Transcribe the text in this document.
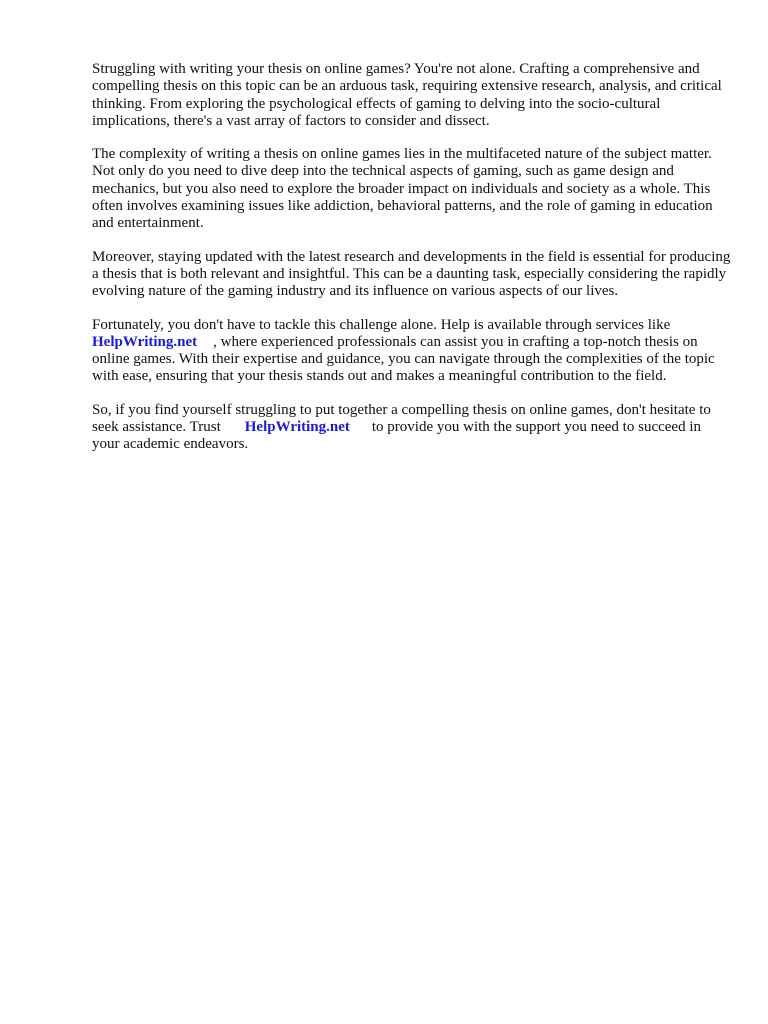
Struggling with writing your thesis on online games? You're not alone. Crafting a comprehensive and compelling thesis on this topic can be an arduous task, requiring extensive research, analysis, and critical thinking. From exploring the psychological effects of gaming to delving into the socio-cultural implications, there's a vast array of factors to consider and dissect.

The complexity of writing a thesis on online games lies in the multifaceted nature of the subject matter. Not only do you need to dive deep into the technical aspects of gaming, such as game design and mechanics, but you also need to explore the broader impact on individuals and society as a whole. This often involves examining issues like addiction, behavioral patterns, and the role of gaming in education and entertainment.

Moreover, staying updated with the latest research and developments in the field is essential for producing a thesis that is both relevant and insightful. This can be a daunting task, especially considering the rapidly evolving nature of the gaming industry and its influence on various aspects of our lives.

Fortunately, you don't have to tackle this challenge alone. Help is available through services like
HelpWriting.net , where experienced professionals can assist you in crafting a top-notch thesis on online games. With their expertise and guidance, you can navigate through the complexities of the topic with ease, ensuring that your thesis stands out and makes a meaningful contribution to the field.

So, if you find yourself struggling to put together a compelling thesis on online games, don't hesitate to seek assistance. Trust HelpWriting.net to provide you with the support you need to succeed in your academic endeavors.
